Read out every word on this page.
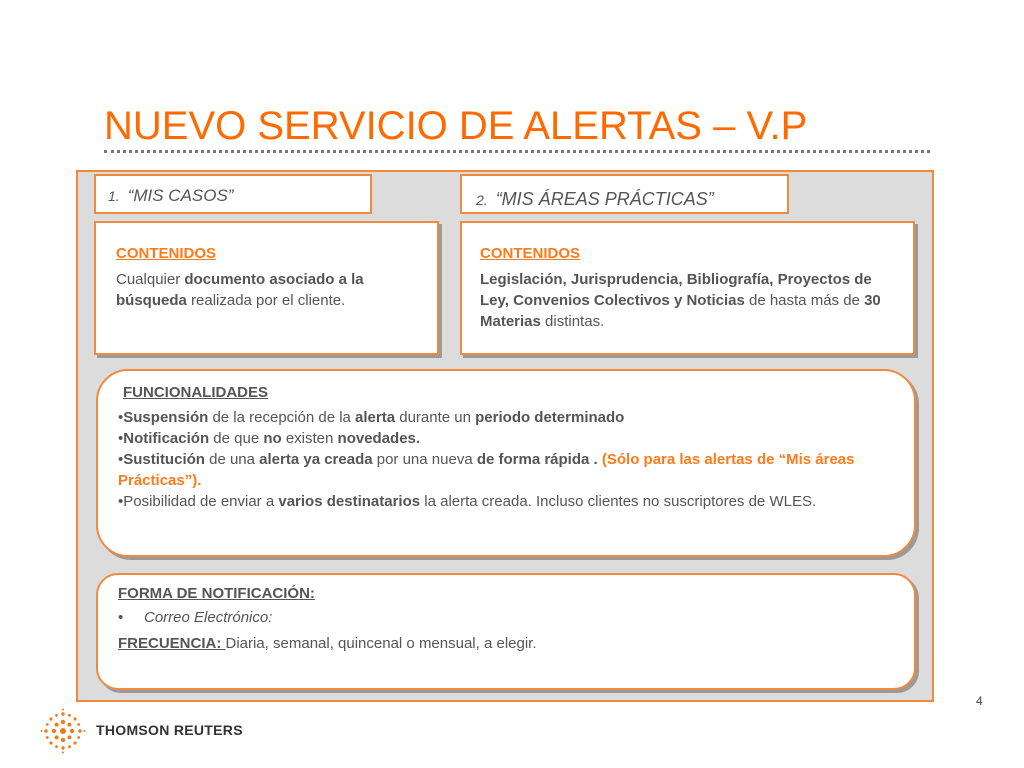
NUEVO SERVICIO DE ALERTAS – V.P
1. “MIS CASOS”	2. “MIS ÁREAS PRÁCTICAS”
CONTENIDOS

Cualquier documento asociado a la búsqueda realizada por el cliente.

CONTENIDOS

Legislación, Jurisprudencia, Bibliografía, Proyectos de Ley, Convenios Colectivos y Noticias de hasta más de 30 Materias distintas.

FUNCIONALIDADES
•Suspensión de la recepción de la alerta durante un periodo determinado
•Notificación de que no existen novedades.
•Sustitución de una alerta ya creada por una nueva de forma rápida . (Sólo para las alertas de “Mis áreas Prácticas”).
•Posibilidad de enviar a varios destinatarios la alerta creada. Incluso clientes no suscriptores de WLES.
FORMA DE NOTIFICACIÓN:
• Correo Electrónico:
FRECUENCIA: Diaria, semanal, quincenal o mensual, a elegir.
4
THOMSON REUTERS
